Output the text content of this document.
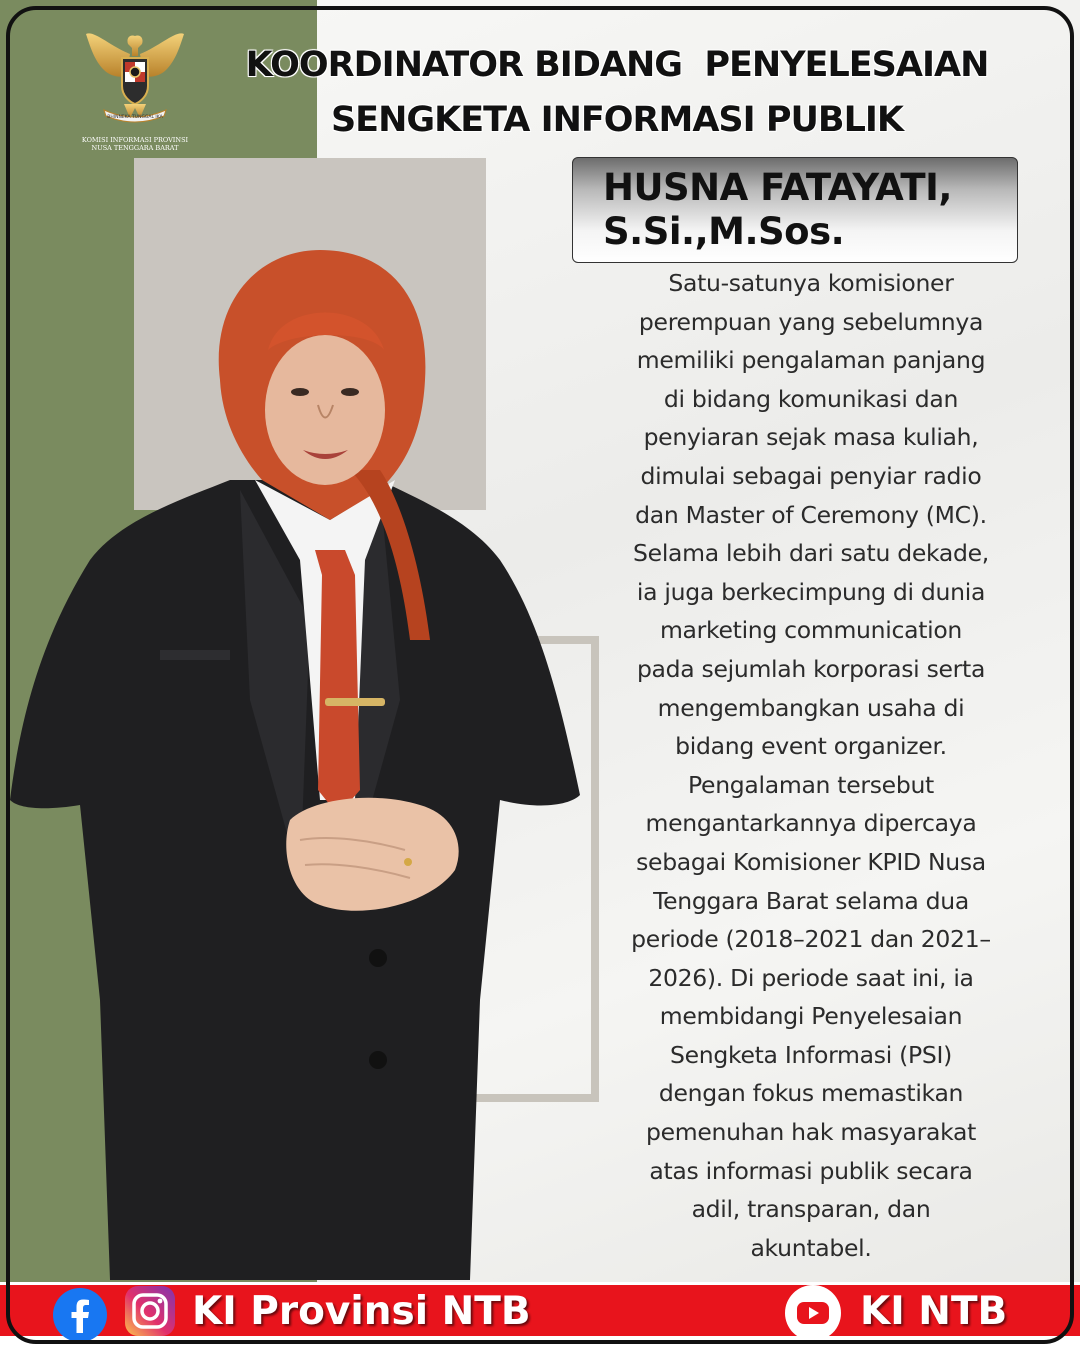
BHINNEKA TUNGGAL IKA
KOMISI INFORMASI PROVINSI
NUSA TENGGARA BARAT
KOORDINATOR BIDANG  PENYELESAIAN
SENGKETA INFORMASI PUBLIK
HUSNA FATAYATI,
S.Si.,M.Sos.
Satu-satunya komisioner
perempuan yang sebelumnya
memiliki pengalaman panjang
di bidang komunikasi dan
penyiaran sejak masa kuliah,
dimulai sebagai penyiar radio
dan Master of Ceremony (MC).
Selama lebih dari satu dekade,
ia juga berkecimpung di dunia
marketing communication
pada sejumlah korporasi serta
mengembangkan usaha di
bidang event organizer.
Pengalaman tersebut
mengantarkannya dipercaya
sebagai Komisioner KPID Nusa
Tenggara Barat selama dua
periode (2018–2021 dan 2021–
2026). Di periode saat ini, ia
membidangi Penyelesaian
Sengketa Informasi (PSI)
dengan fokus memastikan
pemenuhan hak masyarakat
atas informasi publik secara
adil, transparan, dan
akuntabel.
KI Provinsi NTB	KI NTB
